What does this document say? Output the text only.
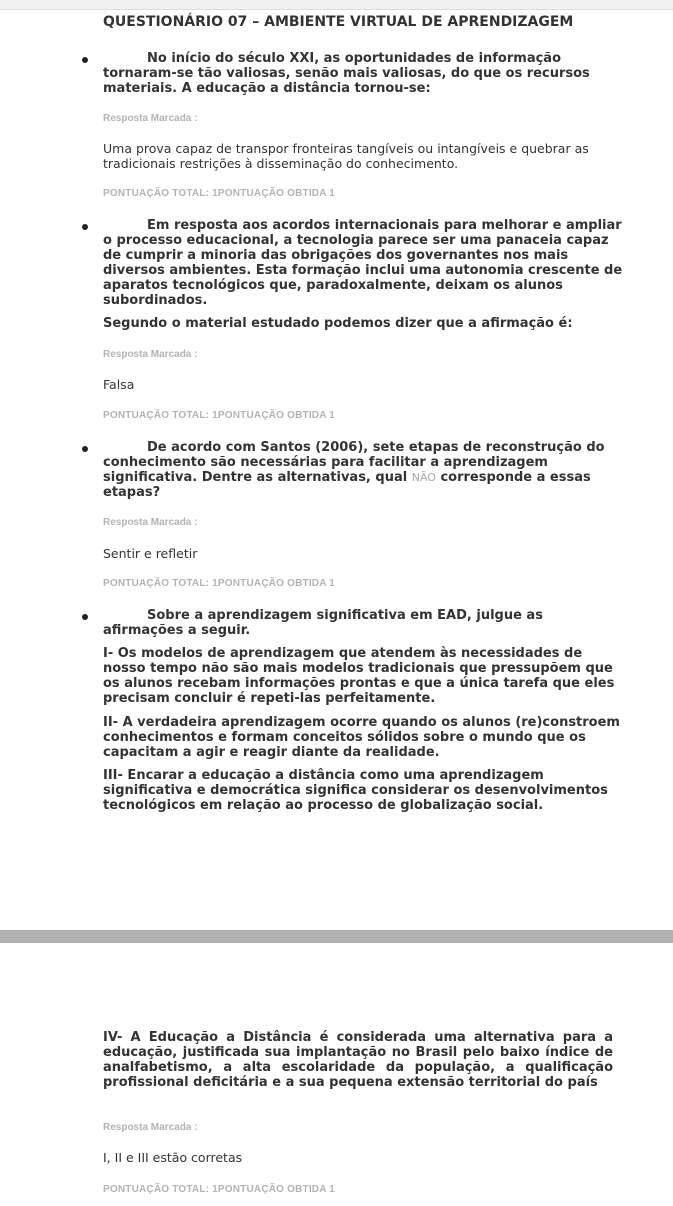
QUESTIONÁRIO 07 – AMBIENTE VIRTUAL DE APRENDIZAGEM
No início do século XXI, as oportunidades de informação tornaram-se tão valiosas, senão mais valiosas, do que os recursos materiais. A educação a distância tornou-se:
Resposta Marcada :
Uma prova capaz de transpor fronteiras tangíveis ou intangíveis e quebrar as tradicionais restrições à disseminação do conhecimento.
PONTUAÇÃO TOTAL: 1PONTUAÇÃO OBTIDA 1
Em resposta aos acordos internacionais para melhorar e ampliar o processo educacional, a tecnologia parece ser uma panaceia capaz de cumprir a minoria das obrigações dos governantes nos mais diversos ambientes. Esta formação inclui uma autonomia crescente de aparatos tecnológicos que, paradoxalmente, deixam os alunos subordinados.
Segundo o material estudado podemos dizer que a afirmação é:
Resposta Marcada :
Falsa
PONTUAÇÃO TOTAL: 1PONTUAÇÃO OBTIDA 1
De acordo com Santos (2006), sete etapas de reconstrução do conhecimento são necessárias para facilitar a aprendizagem significativa. Dentre as alternativas, qual NÃO corresponde a essas etapas?
Resposta Marcada :
Sentir e refletir
PONTUAÇÃO TOTAL: 1PONTUAÇÃO OBTIDA 1
Sobre a aprendizagem significativa em EAD, julgue as afirmações a seguir.
I- Os modelos de aprendizagem que atendem às necessidades de nosso tempo não são mais modelos tradicionais que pressupõem que os alunos recebam informações prontas e que a única tarefa que eles precisam concluir é repeti-las perfeitamente.
II- A verdadeira aprendizagem ocorre quando os alunos (re)constroem conhecimentos e formam conceitos sólidos sobre o mundo que os capacitam a agir e reagir diante da realidade.
III- Encarar a educação a distância como uma aprendizagem significativa e democrática significa considerar os desenvolvimentos tecnológicos em relação ao processo de globalização social.
IV- A Educação a Distância é considerada uma alternativa para a educação, justificada sua implantação no Brasil pelo baixo índice de analfabetismo, a alta escolaridade da população, a qualificação profissional deficitária e a sua pequena extensão territorial do país
Resposta Marcada :
I, II e III estão corretas
PONTUAÇÃO TOTAL: 1PONTUAÇÃO OBTIDA 1
